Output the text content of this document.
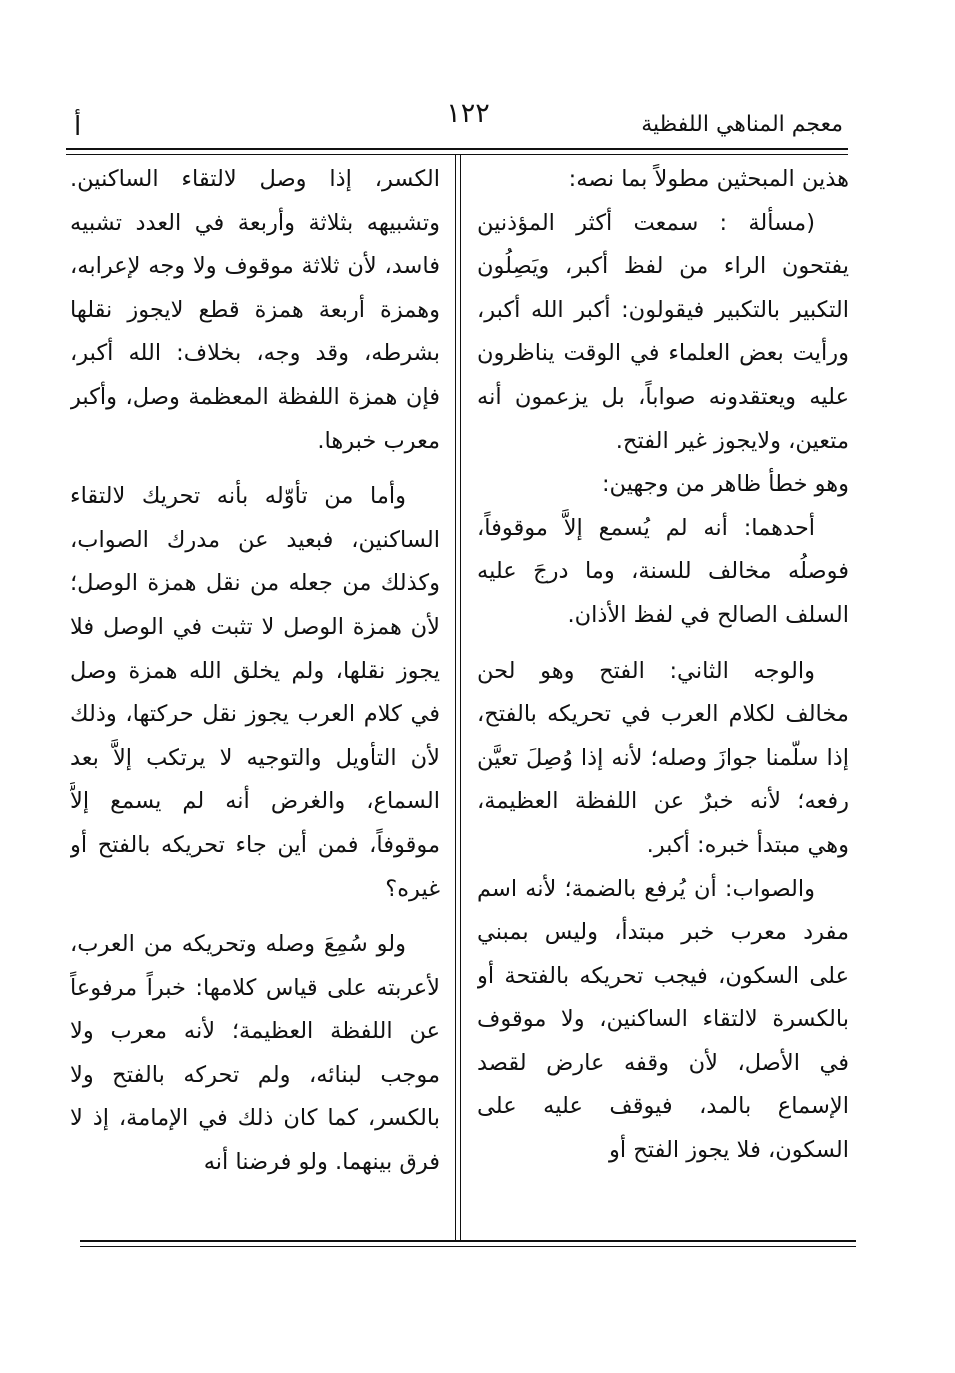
معجم المناهي اللفظية
١٢٢
أ

هذين المبحثين مطولاً بما نصه:

(مسألة : سمعت أكثر المؤذنين يفتحون الراء من لفظ أكبر، ويَصِلُون التكبير بالتكبير فيقولون: أكبر الله أكبر، ورأيت بعض العلماء في الوقت يناظرون عليه ويعتقدونه صواباً، بل يزعمون أنه متعين، ولايجوز غير الفتح.

وهو خطأ ظاهر من وجهين:

أحدهما: أنه لم يُسمع إلاَّ موقوفاً، فوصلُه مخالف للسنة، وما درجَ عليه السلف الصالح في لفظ الأذان.

والوجه الثاني: الفتح وهو لحن مخالف لكلام العرب في تحريكه بالفتح، إذا سلّمنا جوازَ وصله؛ لأنه إذا وُصِلَ تعيَّن رفعه؛ لأنه خبرٌ عن اللفظة العظيمة، وهي مبتدأ خبره: أكبر.

والصواب: أن يُرفع بالضمة؛ لأنه اسم مفرد معرب خبر مبتدأ، وليس بمبني على السكون، فيجب تحريكه بالفتحة أو بالكسرة لالتقاء الساكنين، ولا موقوف في الأصل، لأن وقفه عارض لقصد الإسماع بالمد، فيوقف عليه على السكون، فلا يجوز الفتح أو

الكسر، إذا وصل لالتقاء الساكنين. وتشبيهه بثلاثة وأربعة في العدد تشبيه فاسد، لأن ثلاثة موقوف ولا وجه لإعرابه، وهمزة أربعة همزة قطع لايجوز نقلها بشرطه، وقد وجه، بخلاف: الله أكبر، فإن همزة اللفظة المعظمة وصل، وأكبر معرب خبرها.

وأما من تأوّله بأنه تحريك لالتقاء الساكنين، فبعيد عن مدرك الصواب، وكذلك من جعله من نقل همزة الوصل؛ لأن همزة الوصل لا تثبت في الوصل فلا يجوز نقلها، ولم يخلق الله همزة وصل في كلام العرب يجوز نقل حركتها، وذلك لأن التأويل والتوجيه لا يرتكب إلاَّ بعد السماع، والغرض أنه لم يسمع إلاَّ موقوفاً، فمن أين جاء تحريكه بالفتح أو غيره؟

ولو سُمِعَ وصله وتحريكه من العرب، لأعربته على قياس كلامها: خبراً مرفوعاً عن اللفظة العظيمة؛ لأنه معرب ولا موجب لبنائه، ولم تحركه بالفتح ولا بالكسر، كما كان ذلك في الإمامة، إذ لا فرق بينهما. ولو فرضنا أنه
